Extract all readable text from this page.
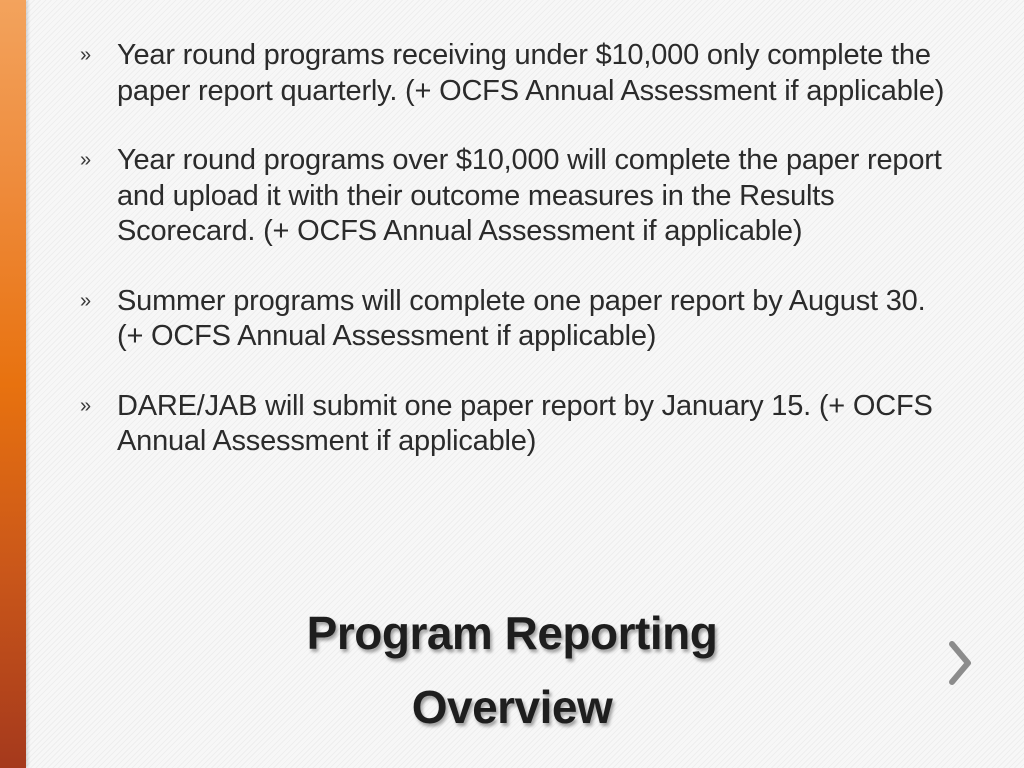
» Year round programs receiving under $10,000 only complete the paper report quarterly. (+ OCFS Annual Assessment if applicable)
» Year round programs over $10,000 will complete the paper report and upload it with their outcome measures in the Results Scorecard. (+ OCFS Annual Assessment if applicable)
» Summer programs will complete one paper report by August 30. (+ OCFS Annual Assessment if applicable)
» DARE/JAB will submit one paper report by January 15. (+ OCFS Annual Assessment if applicable)
Program Reporting
Overview
